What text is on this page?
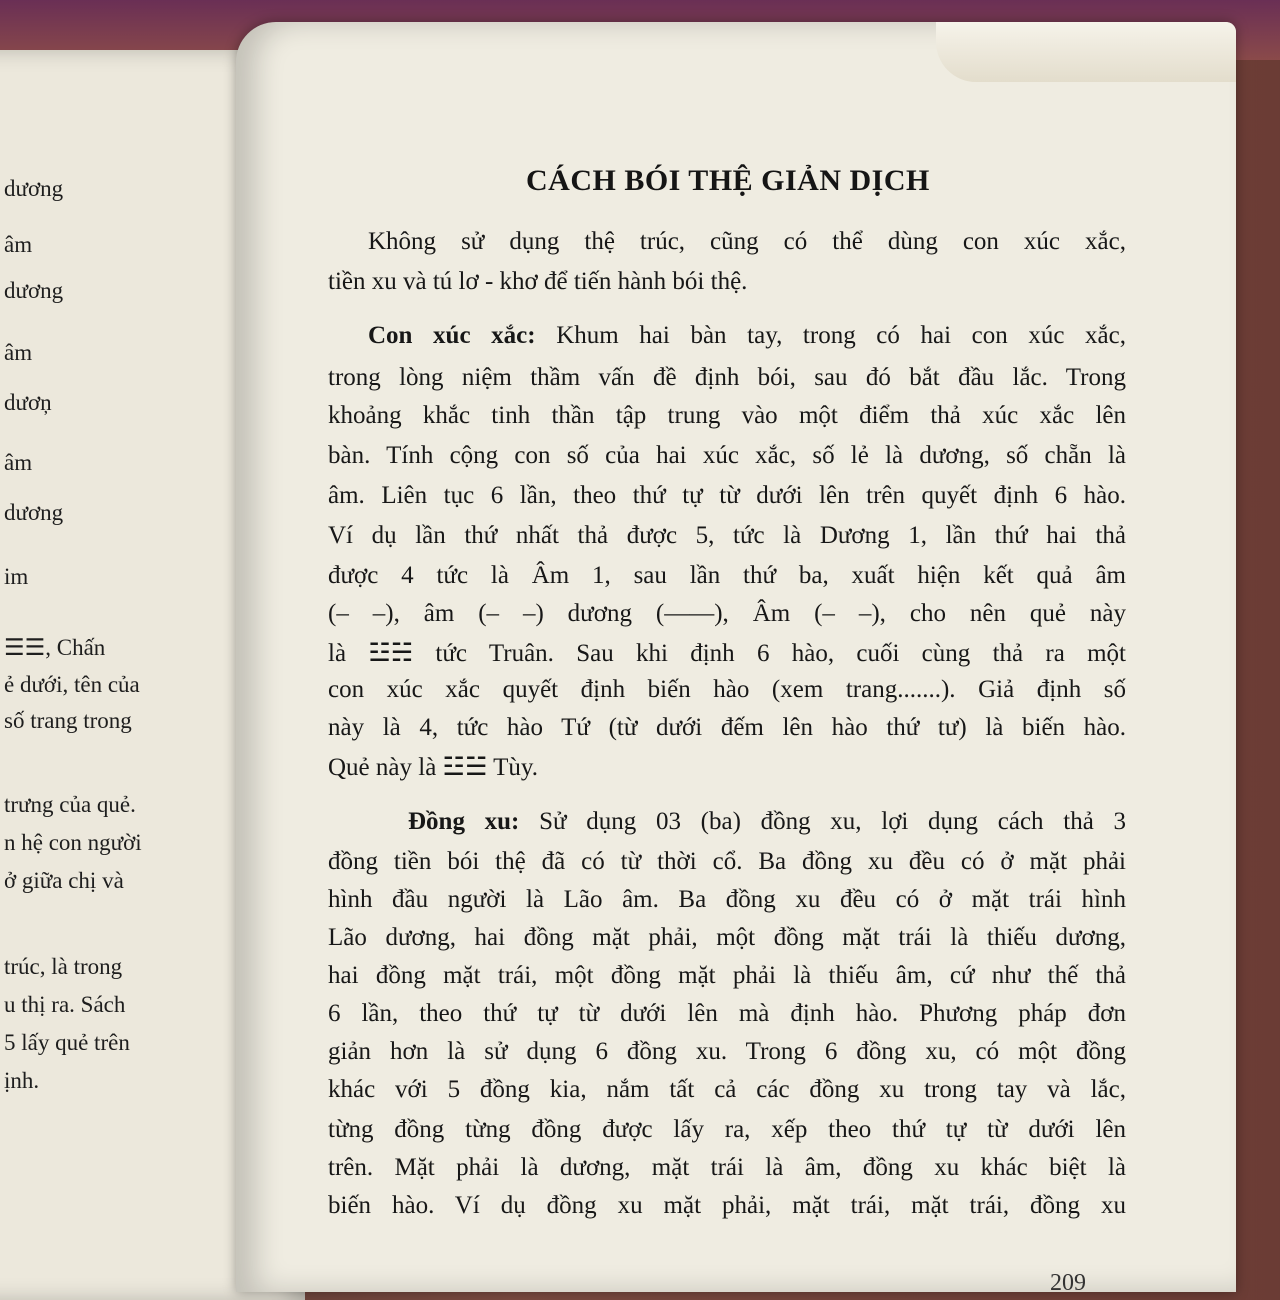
dương
âm
dương
âm
dươņ
âm
dương
im
☰☰, Chấn
ẻ dưới, tên của
số trang trong
trưng của quẻ.
n hệ con người
ở giữa chị và
trúc, là trong
u thị ra. Sách
5 lấy quẻ trên
ịnh.
CÁCH BÓI THỆ GIẢN DỊCH
Không sử dụng thệ trúc, cũng có thể dùng con xúc xắc,
tiền xu và tú lơ - khơ để tiến hành bói thệ.
Con xúc xắc: Khum hai bàn tay, trong có hai con xúc xắc,
trong lòng niệm thầm vấn đề định bói, sau đó bắt đầu lắc. Trong
khoảng khắc tinh thần tập trung vào một điểm thả xúc xắc lên
bàn. Tính cộng con số của hai xúc xắc, số lẻ là dương, số chẵn là
âm. Liên tục 6 lần, theo thứ tự từ dưới lên trên quyết định 6 hào.
Ví dụ lần thứ nhất thả được 5, tức là Dương 1, lần thứ hai thả
được 4 tức là Âm 1, sau lần thứ ba, xuất hiện kết quả âm
(– –), âm (– –) dương (——), Âm (– –), cho nên quẻ này
là ☳☵ tức Truân. Sau khi định 6 hào, cuối cùng thả ra một
con xúc xắc quyết định biến hào (xem trang.......). Giả định số
này là 4, tức hào Tứ (từ dưới đếm lên hào thứ tư) là biến hào.
Quẻ này là ☳☱ Tùy.
Đồng xu: Sử dụng 03 (ba) đồng xu, lợi dụng cách thả 3
đồng tiền bói thệ đã có từ thời cổ. Ba đồng xu đều có ở mặt phải
hình đầu người là Lão âm. Ba đồng xu đều có ở mặt trái hình
Lão dương, hai đồng mặt phải, một đồng mặt trái là thiếu dương,
hai đồng mặt trái, một đồng mặt phải là thiếu âm, cứ như thế thả
6 lần, theo thứ tự từ dưới lên mà định hào. Phương pháp đơn
giản hơn là sử dụng 6 đồng xu. Trong 6 đồng xu, có một đồng
khác với 5 đồng kia, nắm tất cả các đồng xu trong tay và lắc,
từng đồng từng đồng được lấy ra, xếp theo thứ tự từ dưới lên
trên. Mặt phải là dương, mặt trái là âm, đồng xu khác biệt là
biến hào. Ví dụ đồng xu mặt phải, mặt trái, mặt trái, đồng xu
209
